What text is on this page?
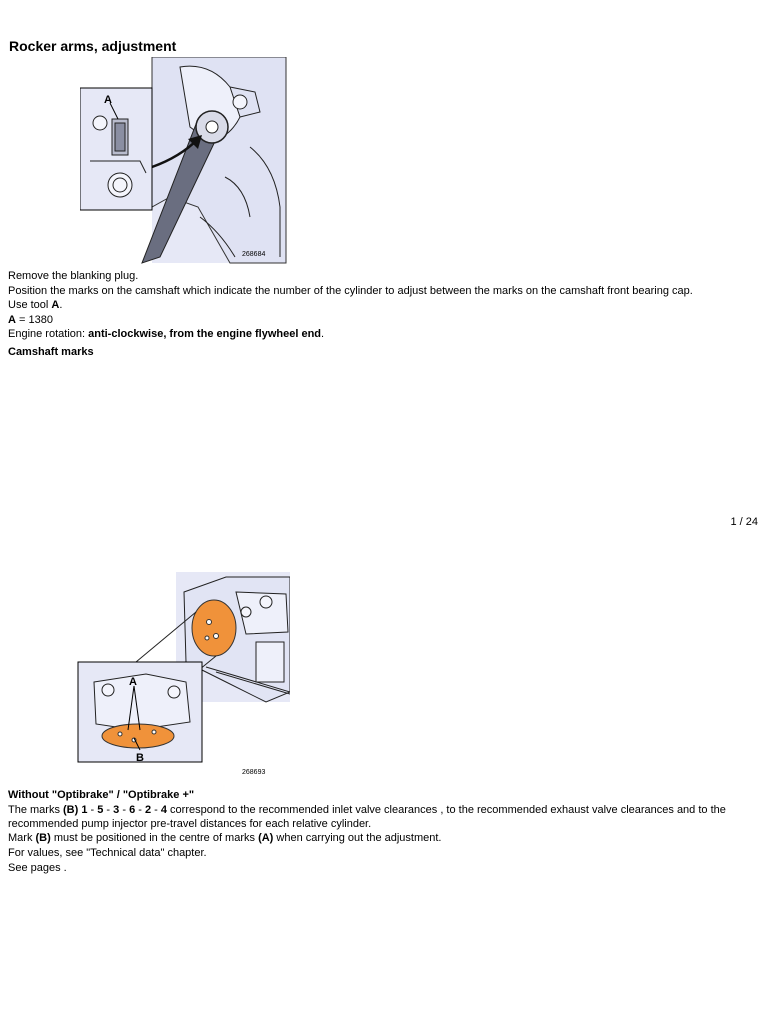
Rocker arms, adjustment
A
268684
Remove the blanking plug.
Position the marks on the camshaft which indicate the number of the cylinder to adjust between the marks on the camshaft front bearing cap.
Use tool A.
A = 1380
Engine rotation: anti-clockwise, from the engine flywheel end.
Camshaft marks
1 / 24
A
B
268693
Without "Optibrake" / "Optibrake +"
The marks (B) 1 - 5 - 3 - 6 - 2 - 4 correspond to the recommended inlet valve clearances , to the recommended exhaust valve clearances and to the
recommended pump injector pre-travel distances for each relative cylinder.
Mark (B) must be positioned in the centre of marks (A) when carrying out the adjustment.
For values, see "Technical data" chapter.
See pages .
